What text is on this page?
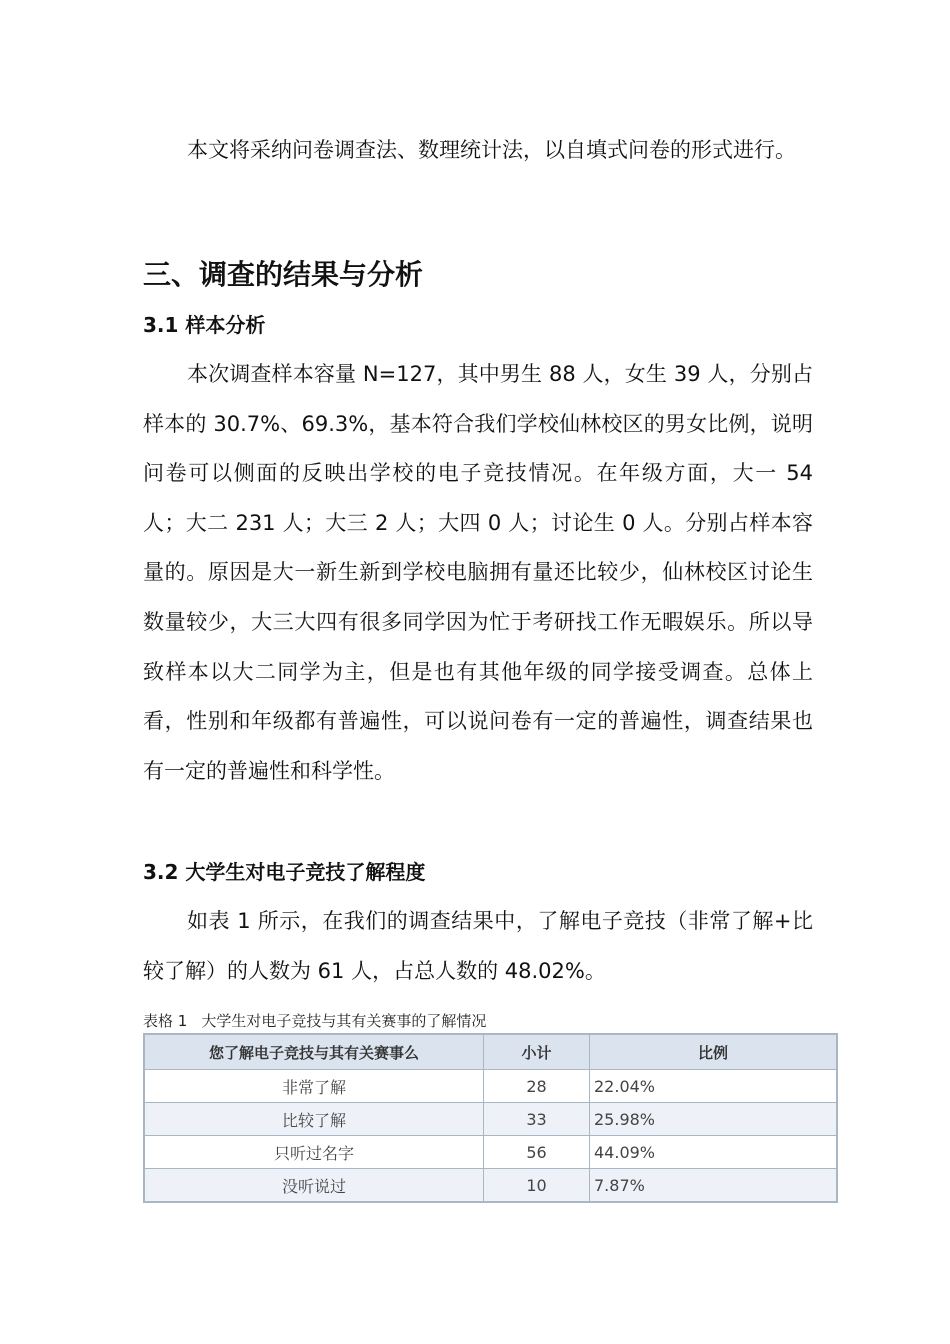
本文将采纳问卷调查法、数理统计法，以自填式问卷的形式进行。

三、调查的结果与分析
3.1 样本分析

本次调查样本容量 N=127，其中男生 88 人，女生 39 人，分别占样本的 30.7%、69.3%，基本符合我们学校仙林校区的男女比例，说明问卷可以侧面的反映出学校的电子竞技情况。在年级方面，大一 54 人；大二 231 人；大三 2 人；大四 0 人；讨论生 0 人。分别占样本容量的。原因是大一新生新到学校电脑拥有量还比较少，仙林校区讨论生数量较少，大三大四有很多同学因为忙于考研找工作无暇娱乐。所以导致样本以大二同学为主，但是也有其他年级的同学接受调查。总体上看，性别和年级都有普遍性，可以说问卷有一定的普遍性，调查结果也有一定的普遍性和科学性。

3.2 大学生对电子竞技了解程度

如表 1 所示，在我们的调查结果中，了解电子竞技（非常了解+比较了解）的人数为 61 人，占总人数的 48.02%。

表格 1 大学生对电子竞技与其有关赛事的了解情况

您了解电子竞技与其有关赛事么	小计	比例
非常了解	28	22.04%
比较了解	33	25.98%
只听过名字	56	44.09%
没听说过	10	7.87%
